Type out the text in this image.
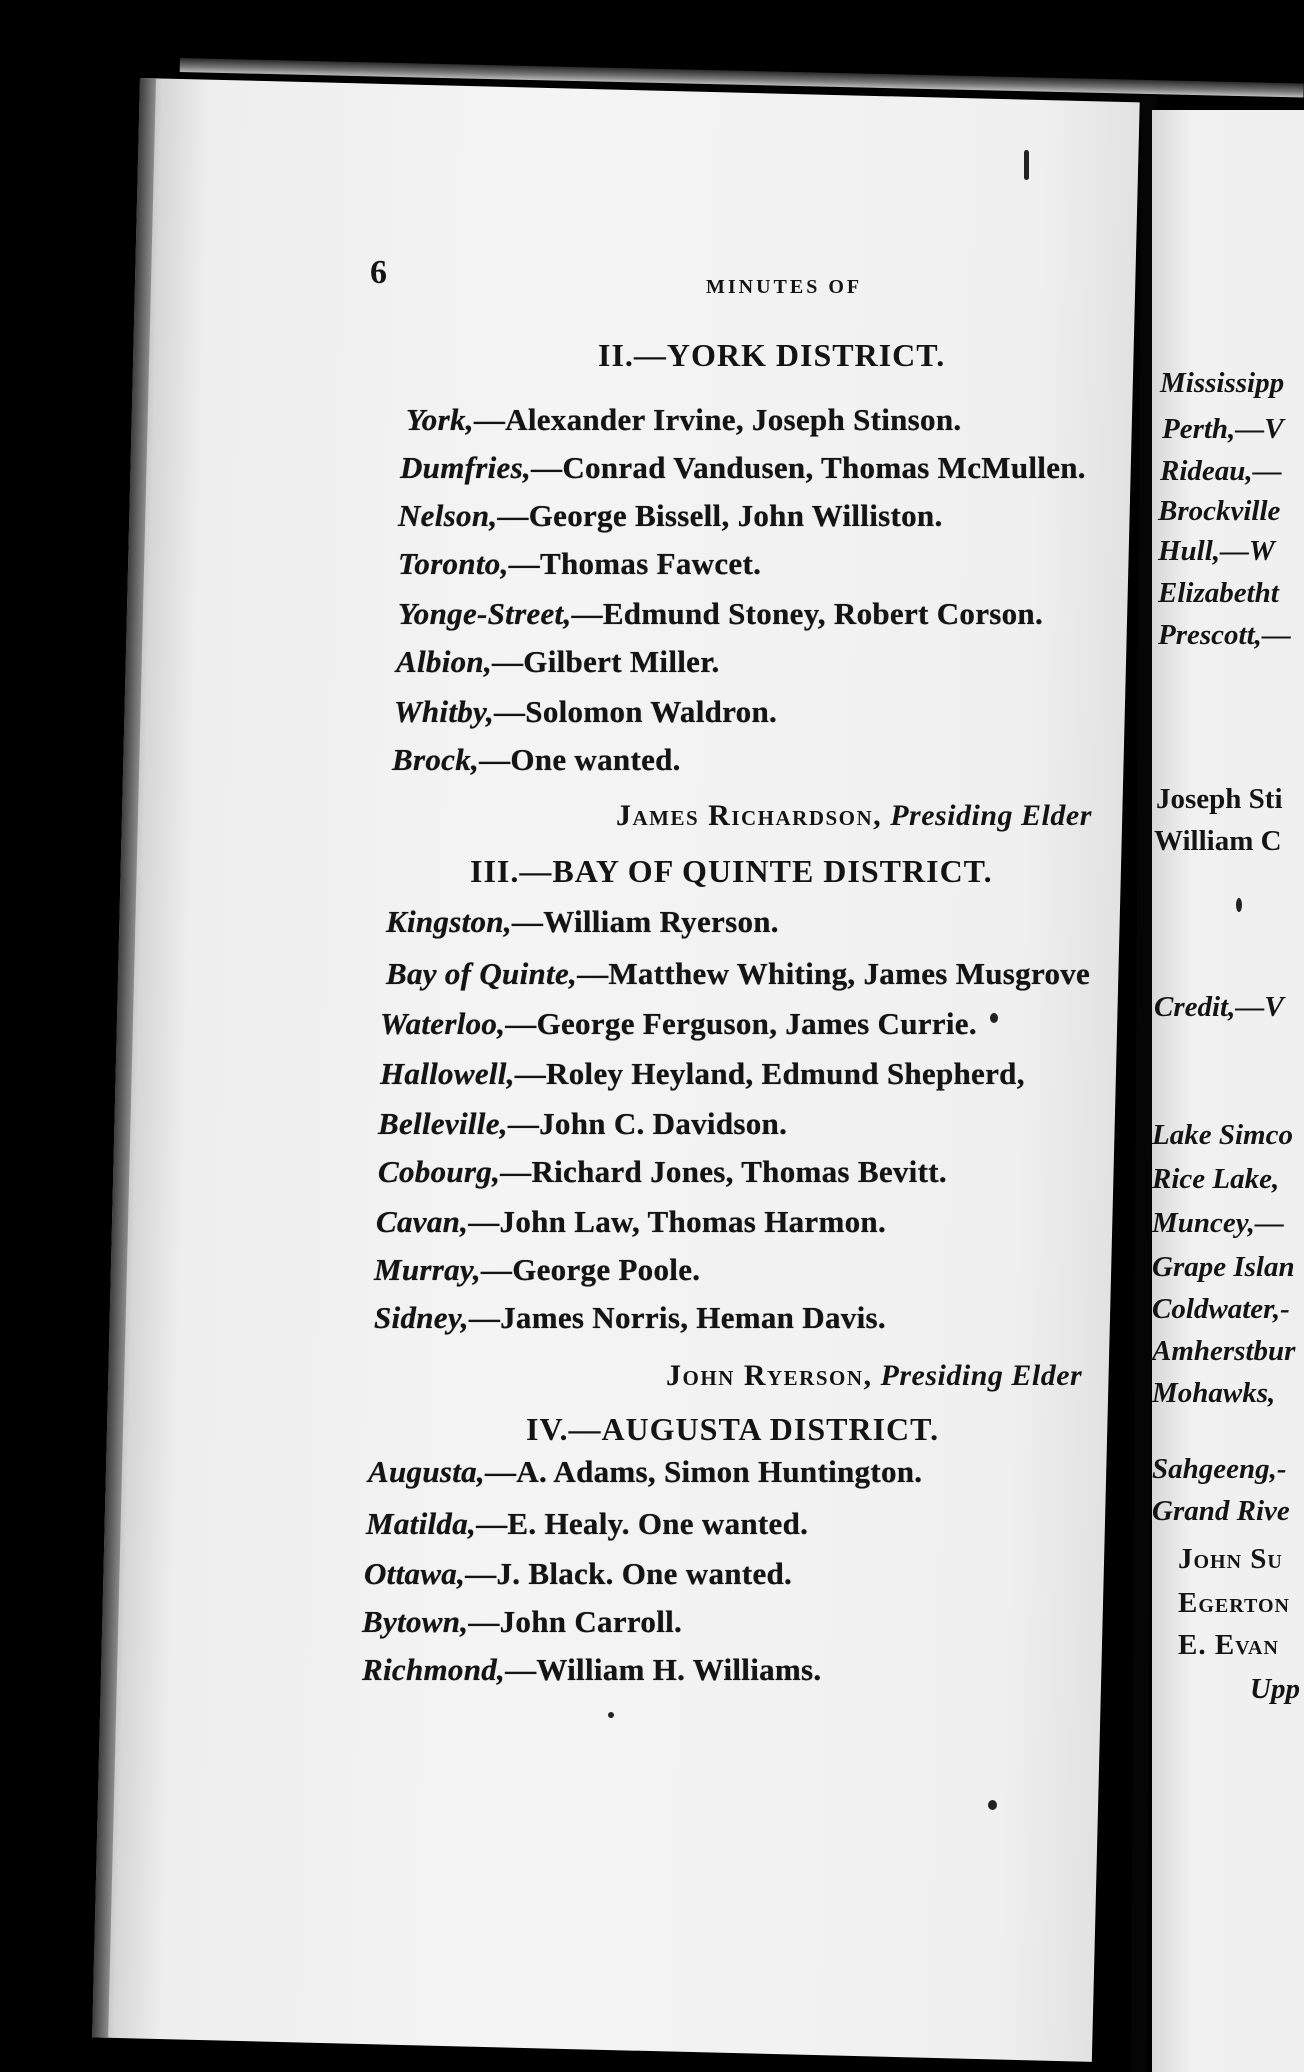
6	MINUTES OF
II.—YORK DISTRICT.
York,—Alexander Irvine, Joseph Stinson.
Dumfries,—Conrad Vandusen, Thomas McMullen.
Nelson,—George Bissell, John Williston.
Toronto,—Thomas Fawcet.
Yonge-Street,—Edmund Stoney, Robert Corson.
Albion,—Gilbert Miller.
Whitby,—Solomon Waldron.
Brock,—One wanted.
James Richardson, Presiding Elder
III.—BAY OF QUINTE DISTRICT.
Kingston,—William Ryerson.
Bay of Quinte,—Matthew Whiting, James Musgrove
Waterloo,—George Ferguson, James Currie.
Hallowell,—Roley Heyland, Edmund Shepherd,
Belleville,—John C. Davidson.
Cobourg,—Richard Jones, Thomas Bevitt.
Cavan,—John Law, Thomas Harmon.
Murray,—George Poole.
Sidney,—James Norris, Heman Davis.
John Ryerson, Presiding Elder
IV.—AUGUSTA DISTRICT.
Augusta,—A. Adams, Simon Huntington.
Matilda,—E. Healy. One wanted.
Ottawa,—J. Black. One wanted.
Bytown,—John Carroll.
Richmond,—William H. Williams.
Mississipp
Perth,—V
Rideau,—
Brockville
Hull,—W
Elizabetht
Prescott,—
Joseph Sti
William C
Credit,—V
Lake Simco
Rice Lake,
Muncey,—
Grape Islan
Coldwater,-
Amherstbur
Mohawks,
Sahgeeng,-
Grand Rive
John Su
Egerton
E. Evan
Upp
